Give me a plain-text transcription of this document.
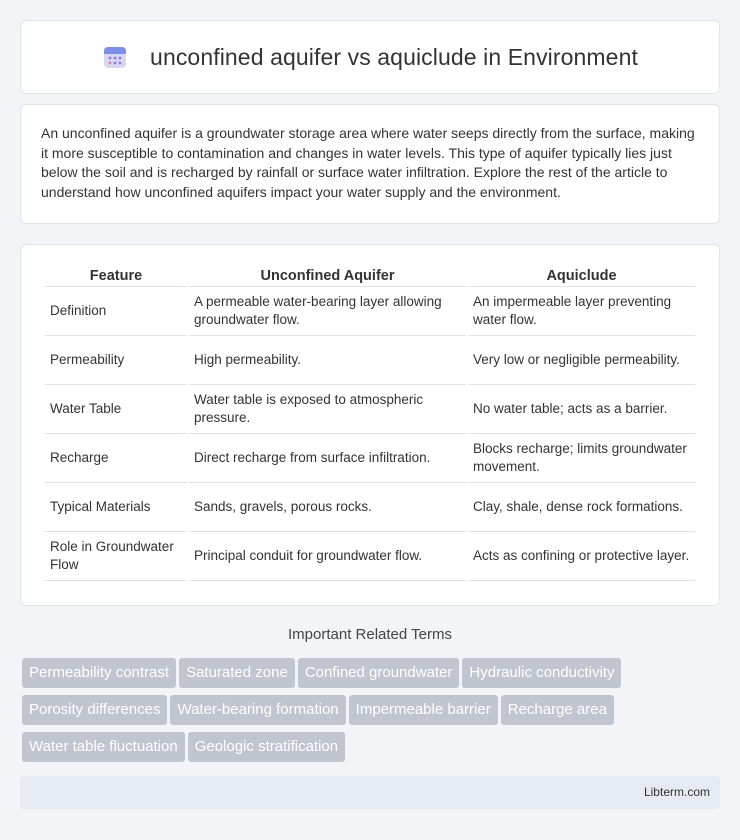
unconfined aquifer vs aquiclude in Environment

An unconfined aquifer is a groundwater storage area where water seeps directly from the surface, making it more susceptible to contamination and changes in water levels. This type of aquifer typically lies just below the soil and is recharged by rainfall or surface water infiltration. Explore the rest of the article to understand how unconfined aquifers impact your water supply and the environment.

Feature	Unconfined Aquifer	Aquiclude
Definition	A permeable water-bearing layer allowing groundwater flow.	An impermeable layer preventing water flow.
Permeability	High permeability.	Very low or negligible permeability.
Water Table	Water table is exposed to atmospheric pressure.	No water table; acts as a barrier.
Recharge	Direct recharge from surface infiltration.	Blocks recharge; limits groundwater movement.
Typical Materials	Sands, gravels, porous rocks.	Clay, shale, dense rock formations.
Role in Groundwater Flow	Principal conduit for groundwater flow.	Acts as confining or protective layer.
Important Related Terms
Permeability contrast Saturated zone Confined groundwater Hydraulic conductivity
Porosity differences Water-bearing formation Impermeable barrier Recharge area
Water table fluctuation Geologic stratification
Libterm.com
